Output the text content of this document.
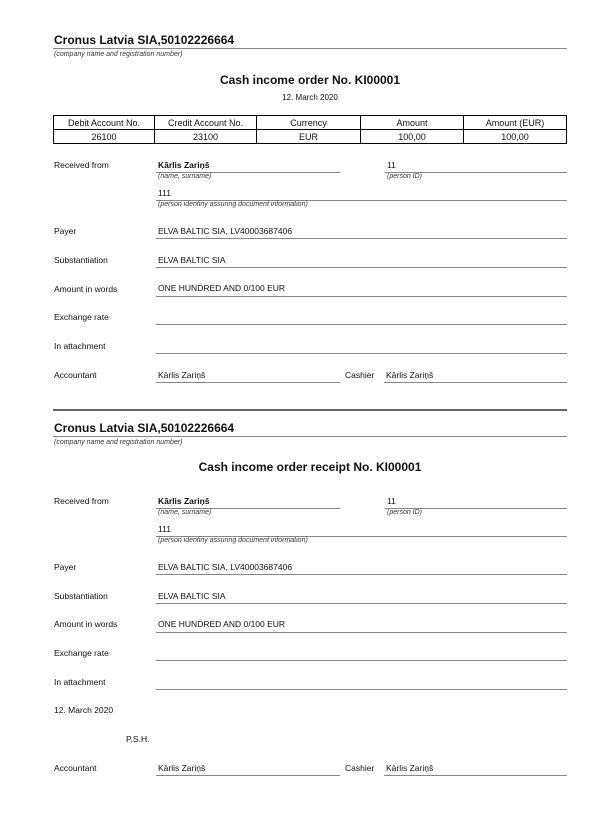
Cronus Latvia SIA,50102226664
(company name and registration number)
Cash income order No. KI00001
12. March 2020
Debit Account No.	Credit Account No.	Currency	Amount	Amount (EUR)
26100	23100	EUR	100,00	100,00
Received from	Kārlis Zariņš
(name, surname)
11
(person ID)
111
(person identiny assuring document information)
Payer	ELVA BALTIC SIA, LV40003687406
Substantiation	ELVA BALTIC SIA
Amount in words	ONE HUNDRED AND 0/100 EUR
Exchange rate
In attachment
Accountant	Kārlis Zariņš	Cashier Kārlis Zariņš
Cronus Latvia SIA,50102226664
(company name and registration number)
Cash income order receipt No. KI00001
Received from	Kārlis Zariņš
(name, surname)
11
(person ID)
111
(person identiny assuring document information)
Payer	ELVA BALTIC SIA, LV40003687406
Substantiation	ELVA BALTIC SIA
Amount in words	ONE HUNDRED AND 0/100 EUR
Exchange rate
In attachment
12. March 2020
P.S.H.
Accountant	Kārlis Zariņš	Cashier Kārlis Zariņš
